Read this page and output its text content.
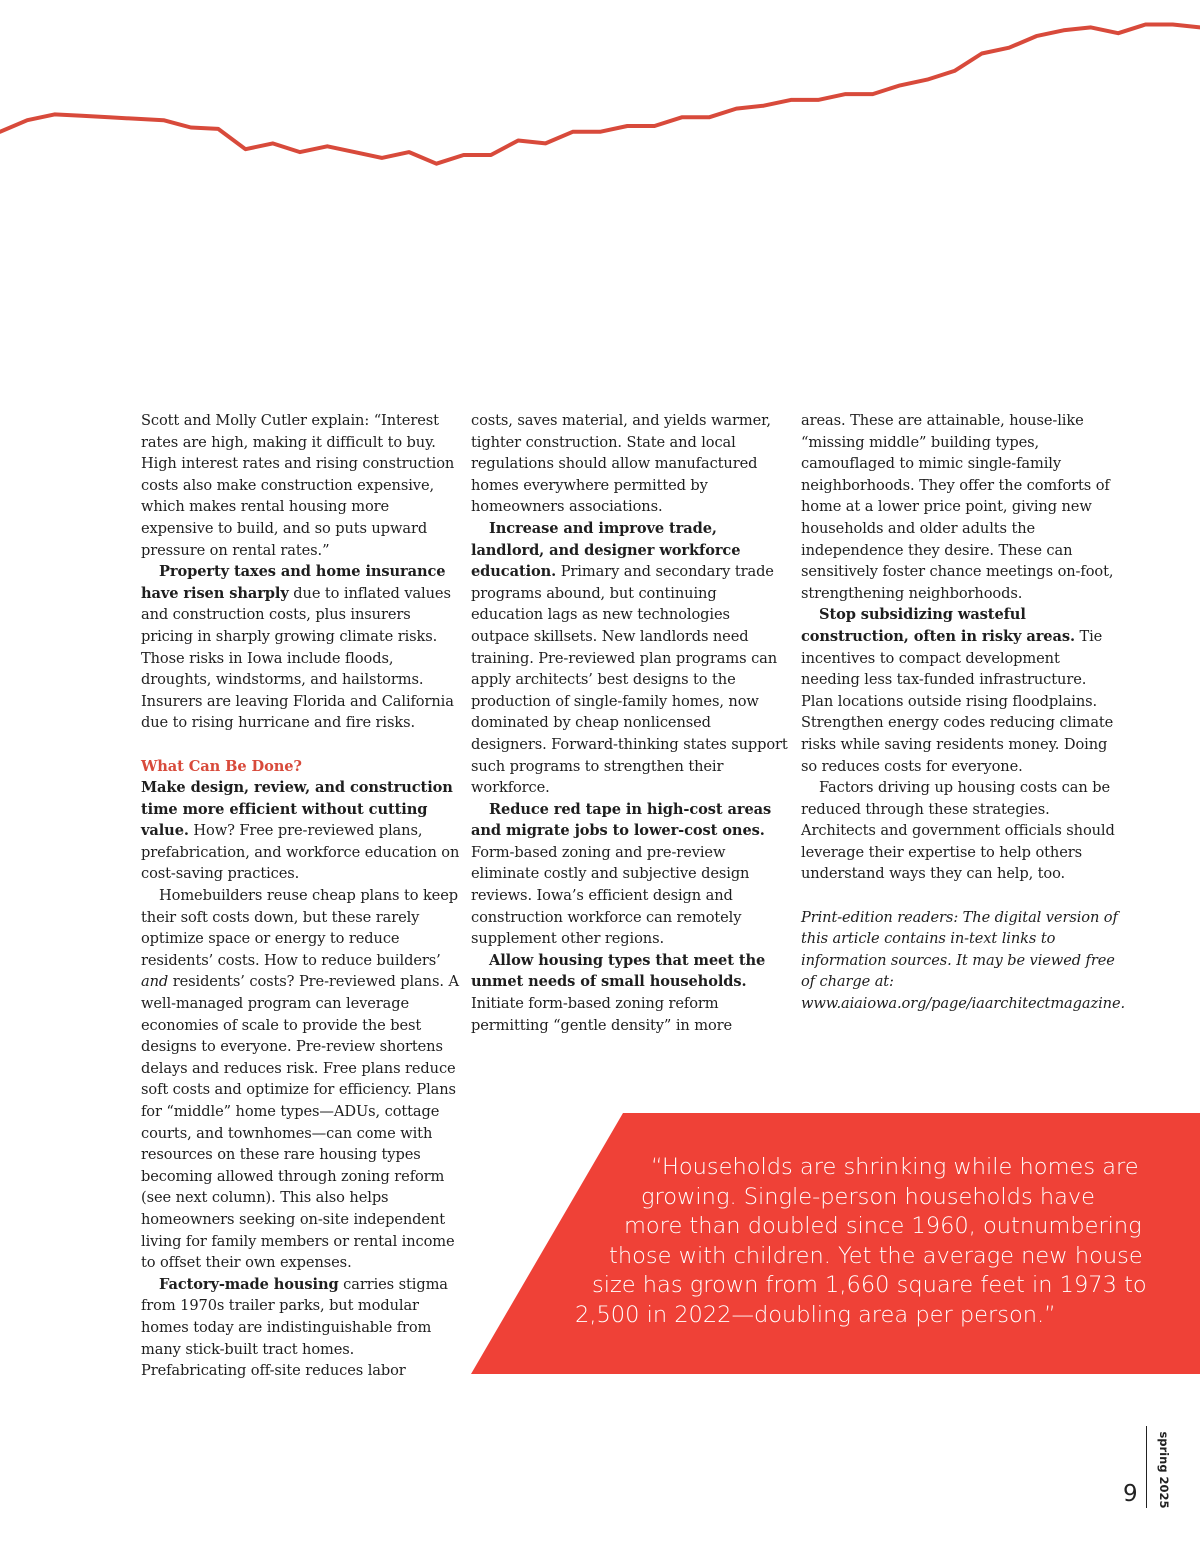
Scott and Molly Cutler explain: “Interest rates are high, making it difficult to buy. High interest rates and rising construction costs also make construction expensive, which makes rental housing more expensive to build, and so puts upward pressure on rental rates.”

Property taxes and home insurance have risen sharply due to inflated values and construction costs, plus insurers pricing in sharply growing climate risks. Those risks in Iowa include floods, droughts, windstorms, and hailstorms. Insurers are leaving Florida and California due to rising hurricane and fire risks.

What Can Be Done?

Make design, review, and construction time more efficient without cutting value. How? Free pre-reviewed plans, prefabrication, and workforce education on cost-saving practices.

Homebuilders reuse cheap plans to keep their soft costs down, but these rarely optimize space or energy to reduce residents’ costs. How to reduce builders’ and residents’ costs? Pre-reviewed plans. A well-managed program can leverage economies of scale to provide the best designs to everyone. Pre-review shortens delays and reduces risk. Free plans reduce soft costs and optimize for efficiency. Plans for “middle” home types—ADUs, cottage courts, and townhomes—can come with resources on these rare housing types becoming allowed through zoning reform (see next column). This also helps homeowners seeking on-site independent living for family members or rental income to offset their own expenses.

Factory-made housing carries stigma from 1970s trailer parks, but modular homes today are indistinguishable from many stick-built tract homes. Prefabricating off-site reduces labor

costs, saves material, and yields warmer, tighter construction. State and local regulations should allow manufactured homes everywhere permitted by homeowners associations.

Increase and improve trade, landlord, and designer workforce education. Primary and secondary trade programs abound, but continuing education lags as new technologies outpace skillsets. New landlords need training. Pre-reviewed plan programs can apply architects’ best designs to the production of single-family homes, now dominated by cheap nonlicensed designers. Forward-thinking states support such programs to strengthen their workforce.

Reduce red tape in high-cost areas and migrate jobs to lower-cost ones. Form-based zoning and pre-review eliminate costly and subjective design reviews. Iowa’s efficient design and construction workforce can remotely supplement other regions.

Allow housing types that meet the unmet needs of small households. Initiate form-based zoning reform permitting “gentle density” in more

areas. These are attainable, house-like “missing middle” building types, camouflaged to mimic single-family neighborhoods. They offer the comforts of home at a lower price point, giving new households and older adults the independence they desire. These can sensitively foster chance meetings on-foot, strengthening neighborhoods.

Stop subsidizing wasteful construction, often in risky areas. Tie incentives to compact development needing less tax-funded infrastructure. Plan locations outside rising floodplains. Strengthen energy codes reducing climate risks while saving residents money. Doing so reduces costs for everyone.

Factors driving up housing costs can be reduced through these strategies. Architects and government officials should leverage their expertise to help others understand ways they can help, too.

Print-edition readers: The digital version of this article contains in-text links to information sources. It may be viewed free of charge at: www.aiaiowa.org/page/iaarchitectmagazine.

“Households are shrinking while homes are
growing. Single-person households have
more than doubled since 1960, outnumbering
those with children. Yet the average new house
size has grown from 1,660 square feet in 1973 to
2,500 in 2022—doubling area per person.”
spring 2025
9
